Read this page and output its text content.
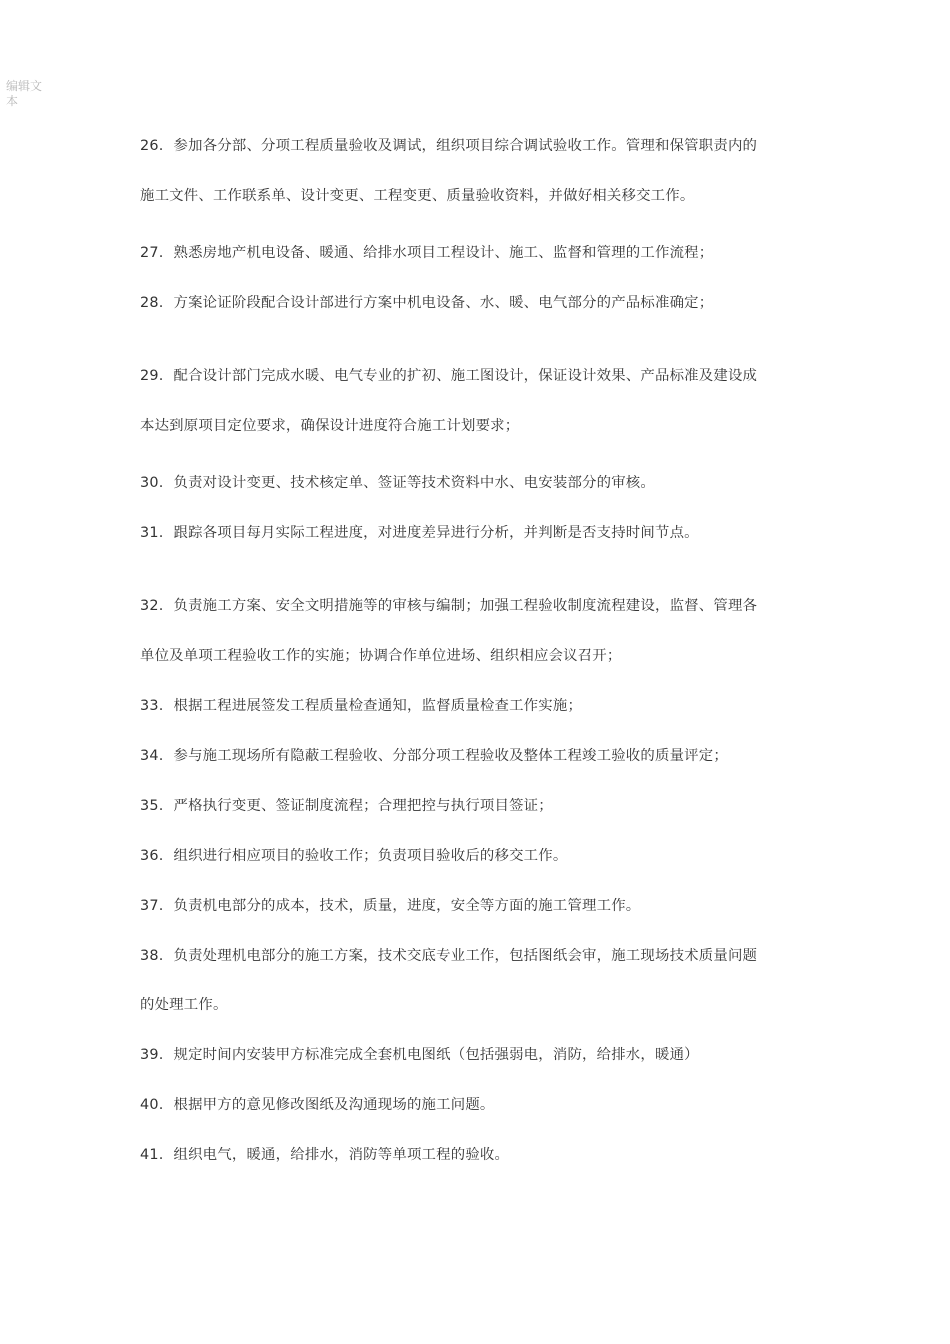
编辑文本
26. 参加各分部、分项工程质量验收及调试，组织项目综合调试验收工作。管理和保管职责内的
施工文件、工作联系单、设计变更、工程变更、质量验收资料，并做好相关移交工作。
27. 熟悉房地产机电设备、暖通、给排水项目工程设计、施工、监督和管理的工作流程；
28. 方案论证阶段配合设计部进行方案中机电设备、水、暖、电气部分的产品标准确定；
29. 配合设计部门完成水暖、电气专业的扩初、施工图设计，保证设计效果、产品标准及建设成
本达到原项目定位要求，确保设计进度符合施工计划要求；
30. 负责对设计变更、技术核定单、签证等技术资料中水、电安装部分的审核。
31. 跟踪各项目每月实际工程进度，对进度差异进行分析，并判断是否支持时间节点。
32. 负责施工方案、安全文明措施等的审核与编制；加强工程验收制度流程建设，监督、管理各
单位及单项工程验收工作的实施；协调合作单位进场、组织相应会议召开；
33. 根据工程进展签发工程质量检查通知，监督质量检查工作实施；
34. 参与施工现场所有隐蔽工程验收、分部分项工程验收及整体工程竣工验收的质量评定；
35. 严格执行变更、签证制度流程；合理把控与执行项目签证；
36. 组织进行相应项目的验收工作；负责项目验收后的移交工作。
37. 负责机电部分的成本，技术，质量，进度，安全等方面的施工管理工作。
38. 负责处理机电部分的施工方案，技术交底专业工作，包括图纸会审，施工现场技术质量问题
的处理工作。
39. 规定时间内安装甲方标准完成全套机电图纸（包括强弱电，消防，给排水，暖通）
40. 根据甲方的意见修改图纸及沟通现场的施工问题。
41. 组织电气，暖通，给排水，消防等单项工程的验收。
